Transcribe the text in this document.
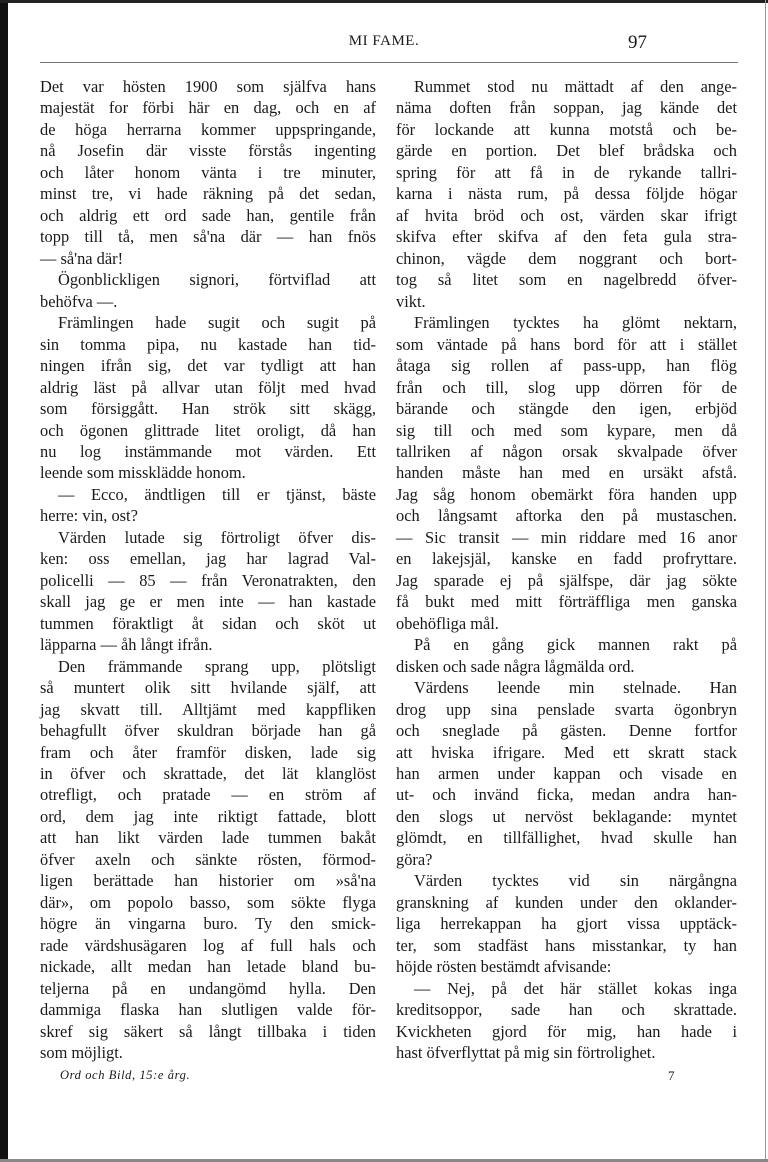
MI FAME.	97
Det var hösten 1900 som själfva hans
majestät for förbi här en dag, och en af
de höga herrarna kommer uppspringande,
nå Josefin där visste förstås ingenting
och låter honom vänta i tre minuter,
minst tre, vi hade räkning på det sedan,
och aldrig ett ord sade han, gentile från
topp till tå, men så'na där — han fnös
— så'na där!
Ögonblickligen signori, förtviflad att
behöfva —.
Främlingen hade sugit och sugit på
sin tomma pipa, nu kastade han tid-
ningen ifrån sig, det var tydligt att han
aldrig läst på allvar utan följt med hvad
som försiggått. Han strök sitt skägg,
och ögonen glittrade litet oroligt, då han
nu log instämmande mot värden. Ett
leende som missklädde honom.
— Ecco, ändtligen till er tjänst, bäste
herre: vin, ost?
Värden lutade sig förtroligt öfver dis-
ken: oss emellan, jag har lagrad Val-
policelli — 85 — från Veronatrakten, den
skall jag ge er men inte — han kastade
tummen föraktligt åt sidan och sköt ut
läpparna — åh långt ifrån.
Den främmande sprang upp, plötsligt
så muntert olik sitt hvilande själf, att
jag skvatt till. Alltjämt med kappfliken
behagfullt öfver skuldran började han gå
fram och åter framför disken, lade sig
in öfver och skrattade, det lät klanglöst
otrefligt, och pratade — en ström af
ord, dem jag inte riktigt fattade, blott
att han likt värden lade tummen bakåt
öfver axeln och sänkte rösten, förmod-
ligen berättade han historier om »så'na
där», om popolo basso, som sökte flyga
högre än vingarna buro. Ty den smick-
rade värdshusägaren log af full hals och
nickade, allt medan han letade bland bu-
teljerna på en undangömd hylla. Den
dammiga flaska han slutligen valde för-
skref sig säkert så långt tillbaka i tiden
som möjligt.
Rummet stod nu mättadt af den ange-
näma doften från soppan, jag kände det
för lockande att kunna motstå och be-
gärde en portion. Det blef brådska och
spring för att få in de rykande tallri-
karna i nästa rum, på dessa följde högar
af hvita bröd och ost, värden skar ifrigt
skifva efter skifva af den feta gula stra-
chinon, vägde dem noggrant och bort-
tog så litet som en nagelbredd öfver-
vikt.
Främlingen tycktes ha glömt nektarn,
som väntade på hans bord för att i stället
åtaga sig rollen af pass-upp, han flög
från och till, slog upp dörren för de
bärande och stängde den igen, erbjöd
sig till och med som kypare, men då
tallriken af någon orsak skvalpade öfver
handen måste han med en ursäkt afstå.
Jag såg honom obemärkt föra handen upp
och långsamt aftorka den på mustaschen.
— Sic transit — min riddare med 16 anor
en lakejsjäl, kanske en fadd profryttare.
Jag sparade ej på själfspe, där jag sökte
få bukt med mitt förträffliga men ganska
obehöfliga mål.
På en gång gick mannen rakt på
disken och sade några lågmälda ord.
Värdens leende min stelnade. Han
drog upp sina penslade svarta ögonbryn
och sneglade på gästen. Denne fortfor
att hviska ifrigare. Med ett skratt stack
han armen under kappan och visade en
ut- och invänd ficka, medan andra han-
den slogs ut nervöst beklagande: myntet
glömdt, en tillfällighet, hvad skulle han
göra?
Värden tycktes vid sin närgångna
granskning af kunden under den oklander-
liga herrekappan ha gjort vissa upptäck-
ter, som stadfäst hans misstankar, ty han
höjde rösten bestämdt afvisande:
— Nej, på det här stället kokas inga
kreditsoppor, sade han och skrattade.
Kvickheten gjord för mig, han hade i
hast öfverflyttat på mig sin förtrolighet.
Ord och Bild, 15:e årg.	7
